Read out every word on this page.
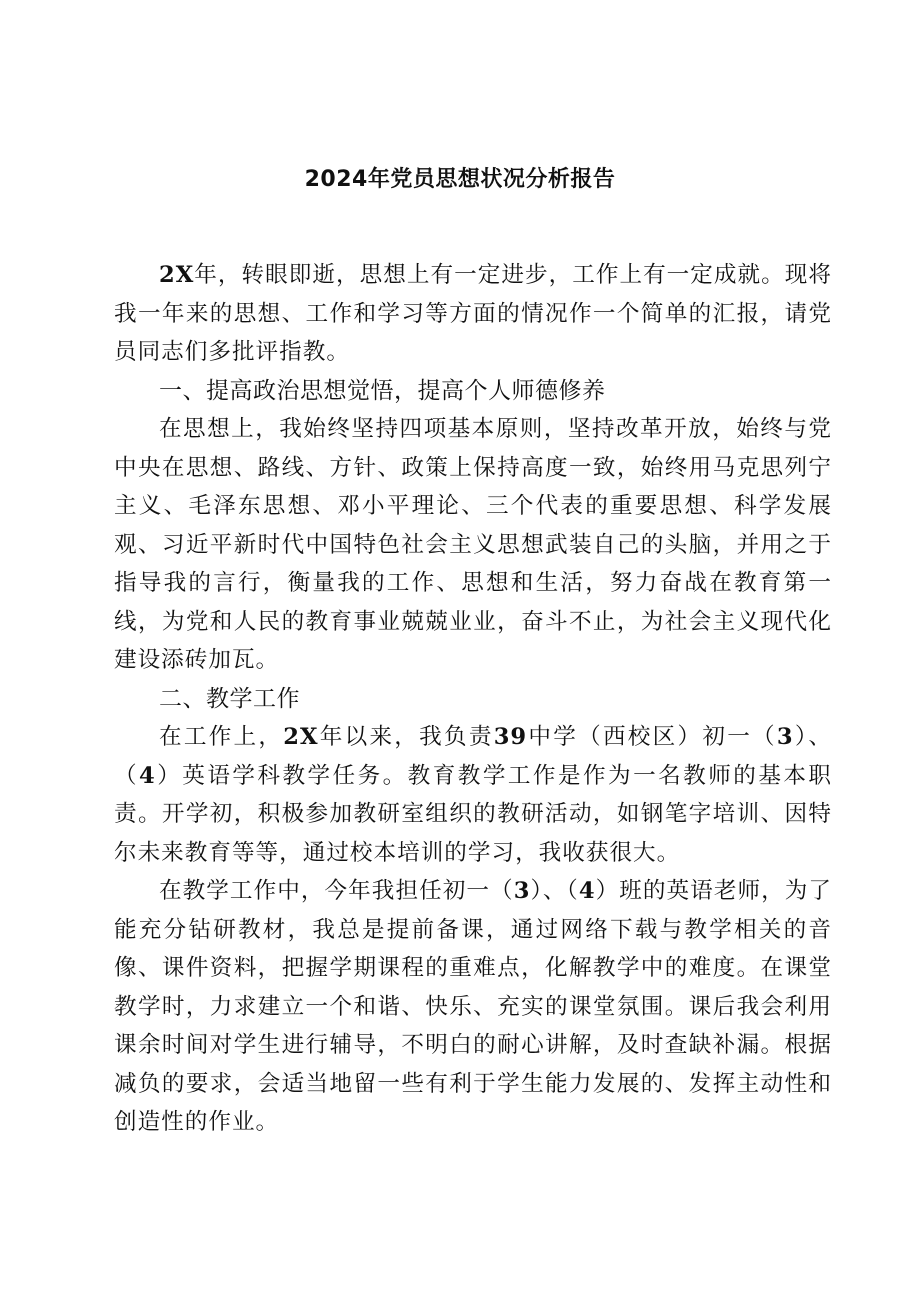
2024年党员思想状况分析报告

2X年，转眼即逝，思想上有一定进步，工作上有一定成就。现将我一年来的思想、工作和学习等方面的情况作一个简单的汇报，请党员同志们多批评指教。

一、提高政治思想觉悟，提高个人师德修养

在思想上，我始终坚持四项基本原则，坚持改革开放，始终与党中央在思想、路线、方针、政策上保持高度一致，始终用马克思列宁主义、毛泽东思想、邓小平理论、三个代表的重要思想、科学发展观、习近平新时代中国特色社会主义思想武装自己的头脑，并用之于指导我的言行，衡量我的工作、思想和生活，努力奋战在教育第一线，为党和人民的教育事业兢兢业业，奋斗不止，为社会主义现代化建设添砖加瓦。

二、教学工作

在工作上，2X年以来，我负责39中学（西校区）初一（3）、（4）英语学科教学任务。教育教学工作是作为一名教师的基本职责。开学初，积极参加教研室组织的教研活动，如钢笔字培训、因特尔未来教育等等，通过校本培训的学习，我收获很大。

在教学工作中，今年我担任初一（3）、（4）班的英语老师，为了能充分钻研教材，我总是提前备课，通过网络下载与教学相关的音像、课件资料，把握学期课程的重难点，化解教学中的难度。在课堂教学时，力求建立一个和谐、快乐、充实的课堂氛围。课后我会利用课余时间对学生进行辅导，不明白的耐心讲解，及时查缺补漏。根据减负的要求，会适当地留一些有利于学生能力发展的、发挥主动性和创造性的作业。
